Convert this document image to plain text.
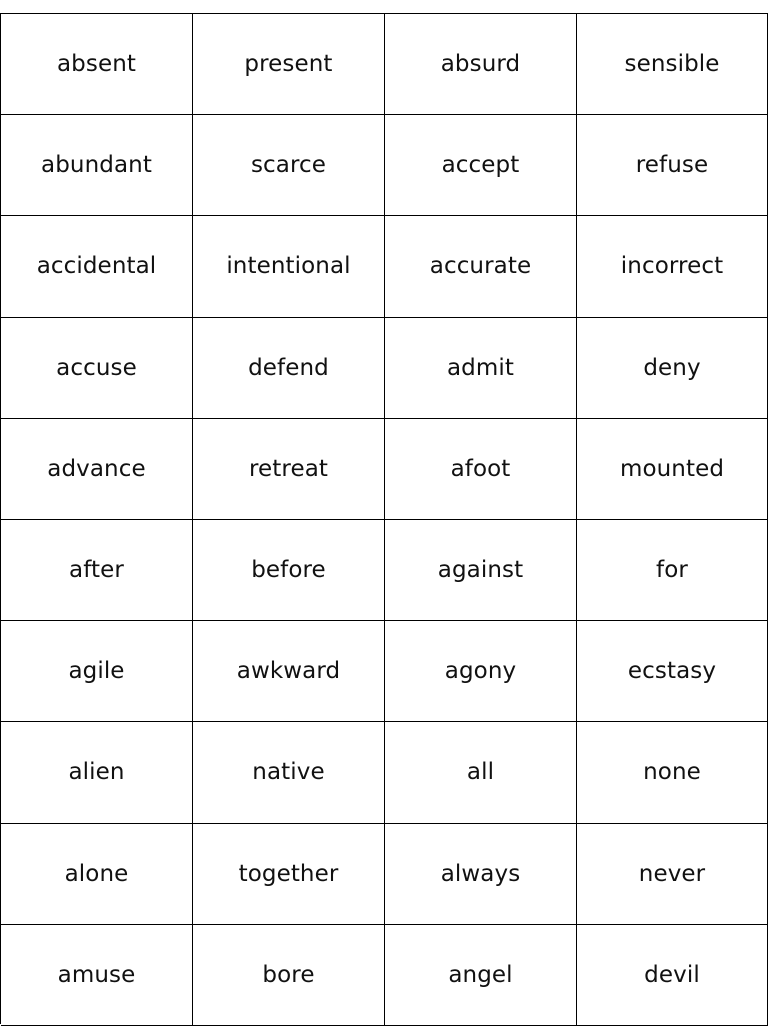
absent	present	absurd	sensible
abundant	scarce	accept	refuse
accidental	intentional	accurate	incorrect
accuse	defend	admit	deny
advance	retreat	afoot	mounted
after	before	against	for
agile	awkward	agony	ecstasy
alien	native	all	none
alone	together	always	never
amuse	bore	angel	devil
